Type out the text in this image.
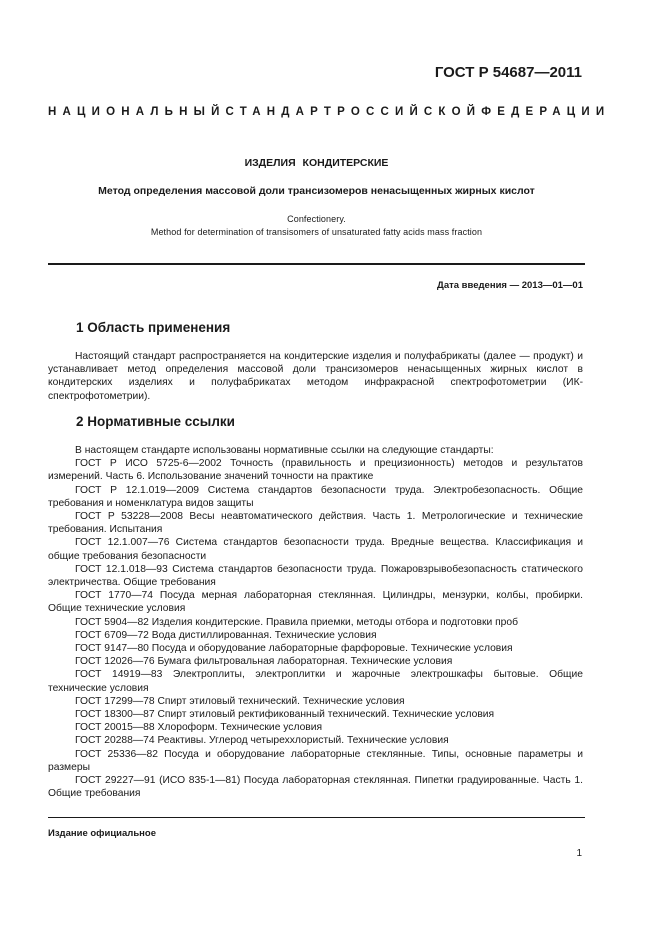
ГОСТ Р 54687—2011
НАЦИОНАЛЬНЫЙ СТАНДАРТ РОССИЙСКОЙ ФЕДЕРАЦИИ
ИЗДЕЛИЯ КОНДИТЕРСКИЕ
Метод определения массовой доли трансизомеров ненасыщенных жирных кислот
Confectionery.
Method for determination of transisomers of unsaturated fatty acids mass fraction
Дата введения — 2013—01—01
1 Область применения
Настоящий стандарт распространяется на кондитерские изделия и полуфабрикаты (далее — продукт) и устанавливает метод определения массовой доли трансизомеров ненасыщенных жирных кислот в кондитерских изделиях и полуфабрикатах методом инфракрасной спектрофотометрии (ИК-спектрофотометрии).
2 Нормативные ссылки

В настоящем стандарте использованы нормативные ссылки на следующие стандарты:

ГОСТ Р ИСО 5725-6—2002 Точность (правильность и прецизионность) методов и результатов измерений. Часть 6. Использование значений точности на практике

ГОСТ Р 12.1.019—2009 Система стандартов безопасности труда. Электробезопасность. Общие требования и номенклатура видов защиты

ГОСТ Р 53228—2008 Весы неавтоматического действия. Часть 1. Метрологические и технические требования. Испытания

ГОСТ 12.1.007—76 Система стандартов безопасности труда. Вредные вещества. Классификация и общие требования безопасности

ГОСТ 12.1.018—93 Система стандартов безопасности труда. Пожаровзрывобезопасность статического электричества. Общие требования

ГОСТ 1770—74 Посуда мерная лабораторная стеклянная. Цилиндры, мензурки, колбы, пробирки. Общие технические условия

ГОСТ 5904—82 Изделия кондитерские. Правила приемки, методы отбора и подготовки проб

ГОСТ 6709—72 Вода дистиллированная. Технические условия

ГОСТ 9147—80 Посуда и оборудование лабораторные фарфоровые. Технические условия

ГОСТ 12026—76 Бумага фильтровальная лабораторная. Технические условия

ГОСТ 14919—83 Электроплиты, электроплитки и жарочные электрошкафы бытовые. Общие технические условия

ГОСТ 17299—78 Спирт этиловый технический. Технические условия

ГОСТ 18300—87 Спирт этиловый ректификованный технический. Технические условия

ГОСТ 20015—88 Хлороформ. Технические условия

ГОСТ 20288—74 Реактивы. Углерод четыреххлористый. Технические условия

ГОСТ 25336—82 Посуда и оборудование лабораторные стеклянные. Типы, основные параметры и размеры

ГОСТ 29227—91 (ИСО 835-1—81) Посуда лабораторная стеклянная. Пипетки градуированные. Часть 1. Общие требования

Издание официальное
1
